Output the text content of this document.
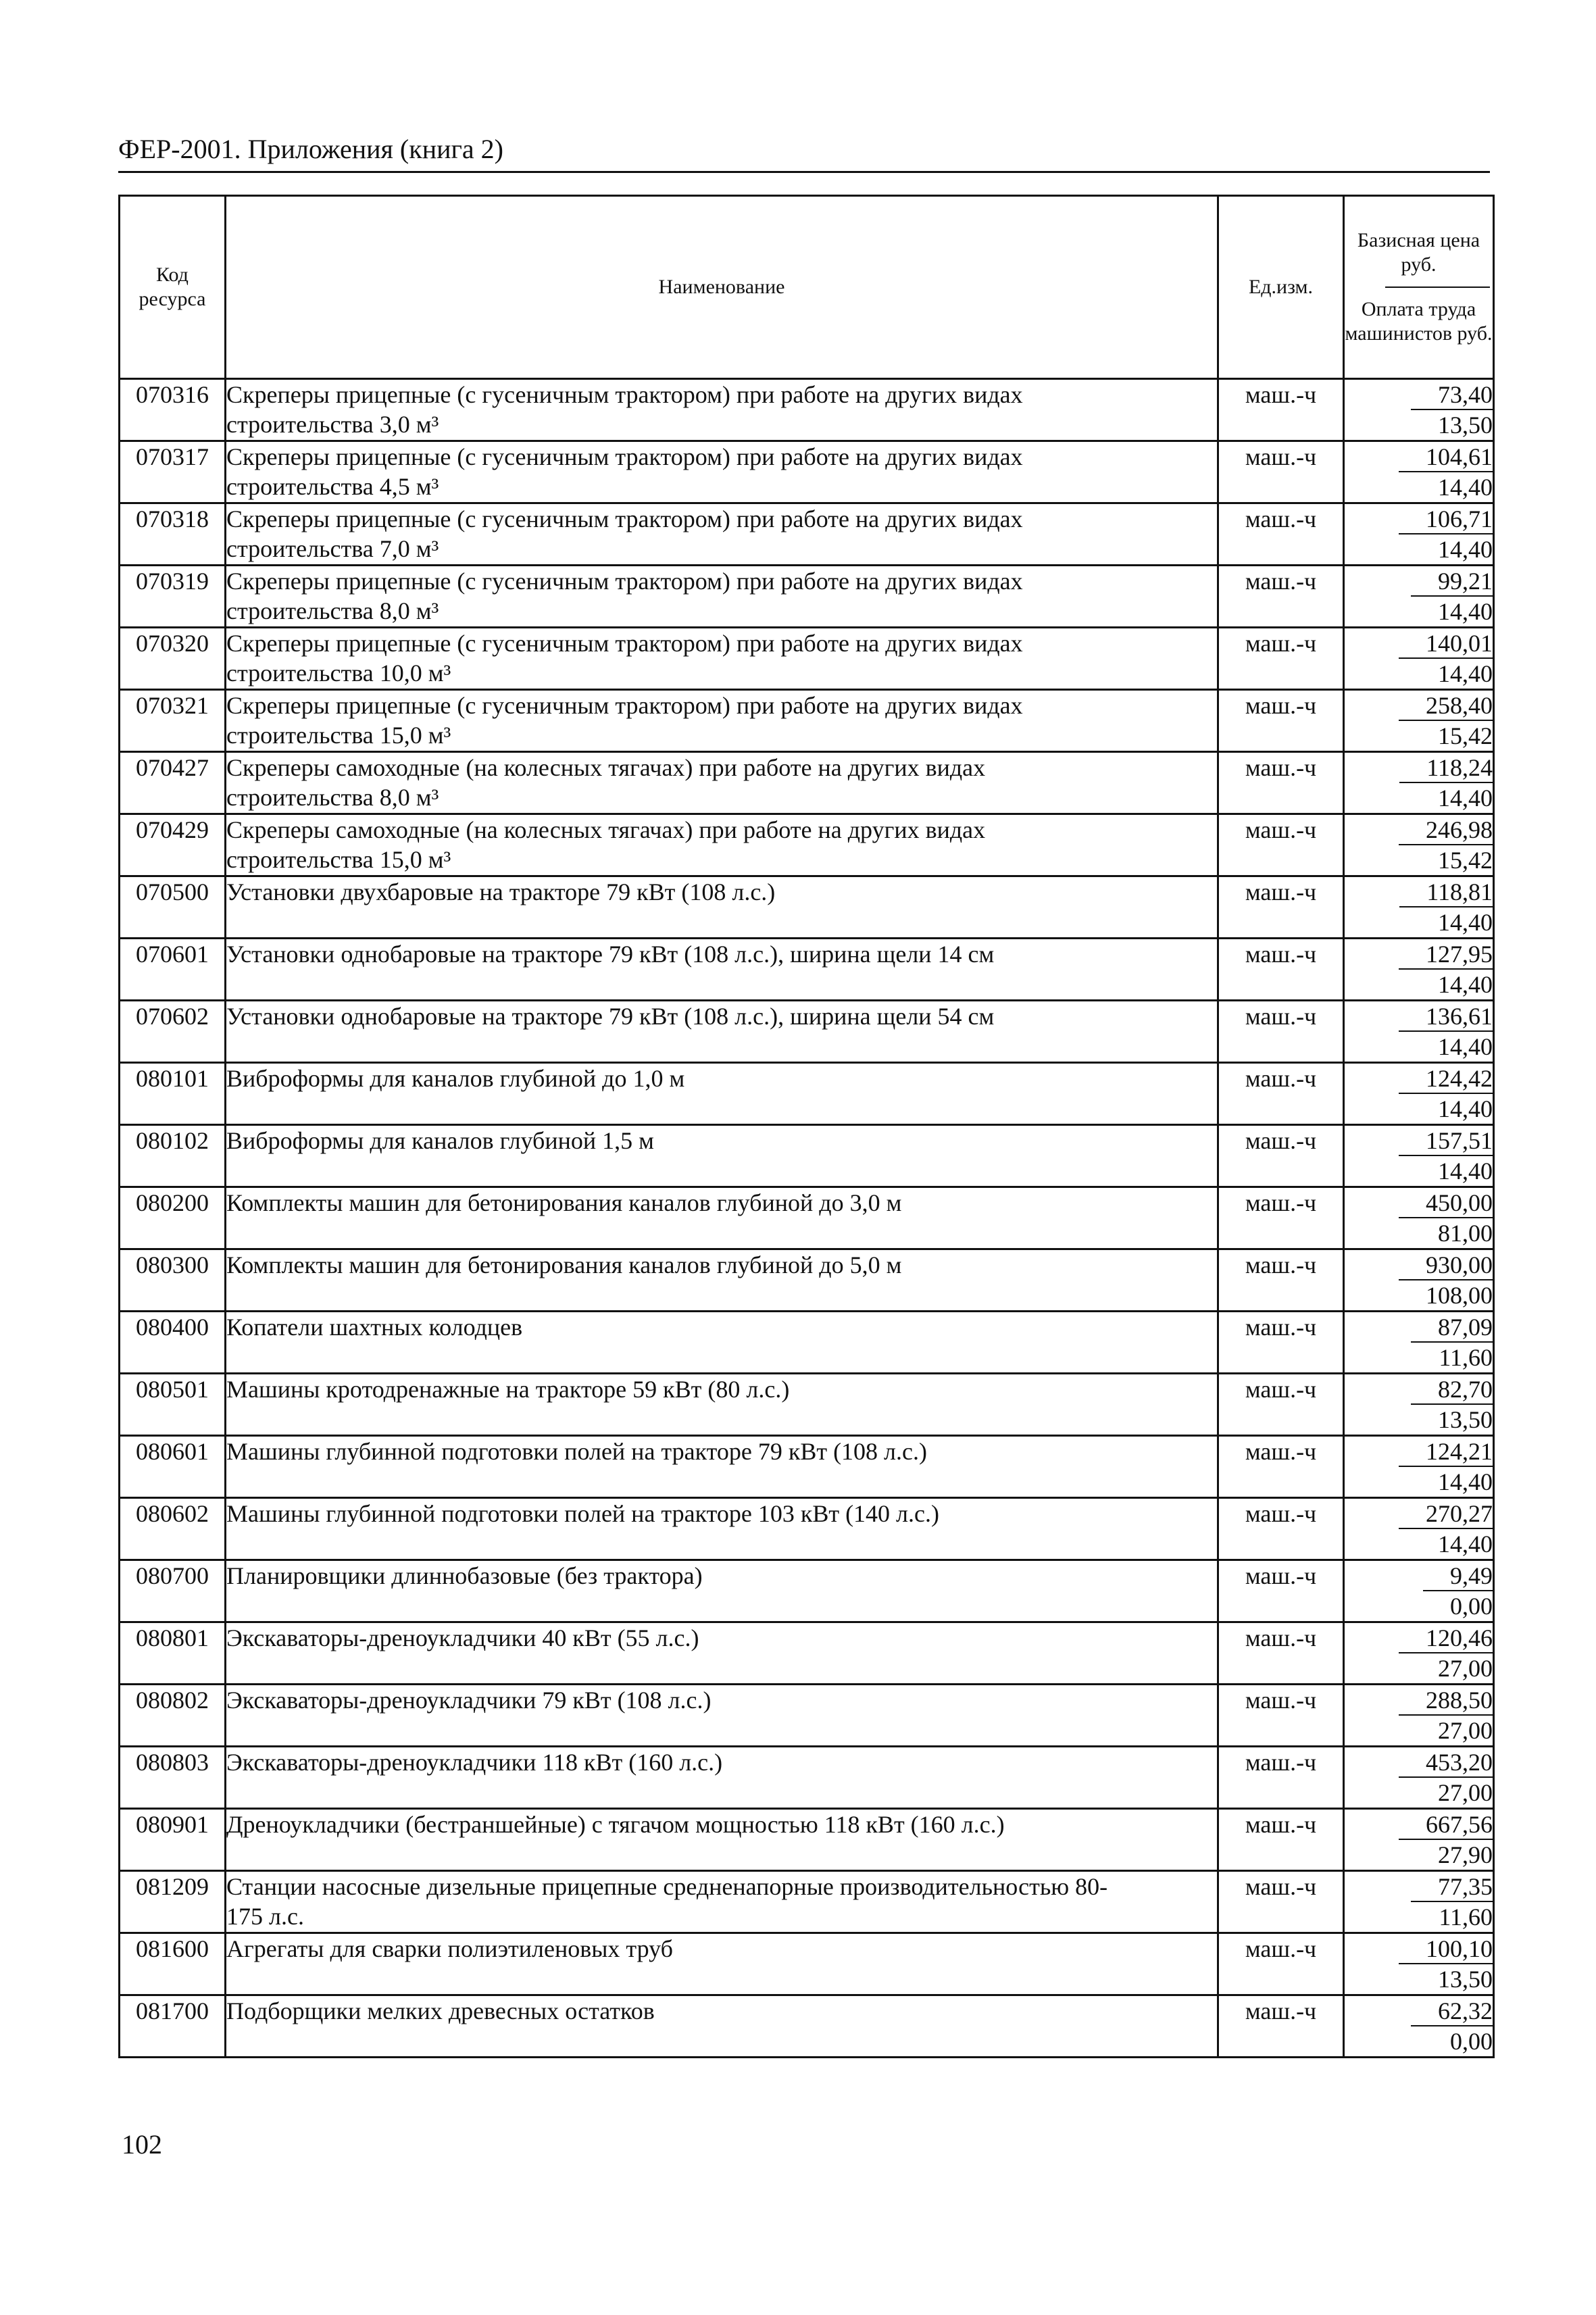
ФЕР-2001. Приложения (книга 2)
Код ресурса	Наименование	Ед.изм.	Базисная цена руб.
Оплата труда машинистов руб.

070316	Скреперы прицепные (с гусеничным трактором) при работе на других видах
строительства 3,0 м³	маш.-ч	73,40
13,50

070317	Скреперы прицепные (с гусеничным трактором) при работе на других видах
строительства 4,5 м³	маш.-ч	104,61
14,40

070318	Скреперы прицепные (с гусеничным трактором) при работе на других видах
строительства 7,0 м³	маш.-ч	106,71
14,40

070319	Скреперы прицепные (с гусеничным трактором) при работе на других видах
строительства 8,0 м³	маш.-ч	99,21
14,40

070320	Скреперы прицепные (с гусеничным трактором) при работе на других видах
строительства 10,0 м³	маш.-ч	140,01
14,40

070321	Скреперы прицепные (с гусеничным трактором) при работе на других видах
строительства 15,0 м³	маш.-ч	258,40
15,42

070427	Скреперы самоходные (на колесных тягачах) при работе на других видах
строительства 8,0 м³	маш.-ч	118,24
14,40

070429	Скреперы самоходные (на колесных тягачах) при работе на других видах
строительства 15,0 м³	маш.-ч	246,98
15,42

070500	Установки двухбаровые на тракторе 79 кВт (108 л.с.)	маш.-ч	118,81
14,40

070601	Установки однобаровые на тракторе 79 кВт (108 л.с.), ширина щели 14 см	маш.-ч	127,95
14,40

070602	Установки однобаровые на тракторе 79 кВт (108 л.с.), ширина щели 54 см	маш.-ч	136,61
14,40

080101	Виброформы для каналов глубиной до 1,0 м	маш.-ч	124,42
14,40

080102	Виброформы для каналов глубиной 1,5 м	маш.-ч	157,51
14,40

080200	Комплекты машин для бетонирования каналов глубиной до 3,0 м	маш.-ч	450,00
81,00

080300	Комплекты машин для бетонирования каналов глубиной до 5,0 м	маш.-ч	930,00
108,00

080400	Копатели шахтных колодцев	маш.-ч	87,09
11,60

080501	Машины кротодренажные на тракторе 59 кВт (80 л.с.)	маш.-ч	82,70
13,50

080601	Машины глубинной подготовки полей на тракторе 79 кВт (108 л.с.)	маш.-ч	124,21
14,40

080602	Машины глубинной подготовки полей на тракторе 103 кВт (140 л.с.)	маш.-ч	270,27
14,40

080700	Планировщики длиннобазовые (без трактора)	маш.-ч	9,49
0,00

080801	Экскаваторы-дреноукладчики 40 кВт (55 л.с.)	маш.-ч	120,46
27,00

080802	Экскаваторы-дреноукладчики 79 кВт (108 л.с.)	маш.-ч	288,50
27,00

080803	Экскаваторы-дреноукладчики 118 кВт (160 л.с.)	маш.-ч	453,20
27,00

080901	Дреноукладчики (бестраншейные) с тягачом мощностью 118 кВт (160 л.с.)	маш.-ч	667,56
27,90

081209	Станции насосные дизельные прицепные средненапорные производительностью 80-
175 л.с.	маш.-ч	77,35
11,60

081600	Агрегаты для сварки полиэтиленовых труб	маш.-ч	100,10
13,50

081700	Подборщики мелких древесных остатков	маш.-ч	62,32
0,00
102
